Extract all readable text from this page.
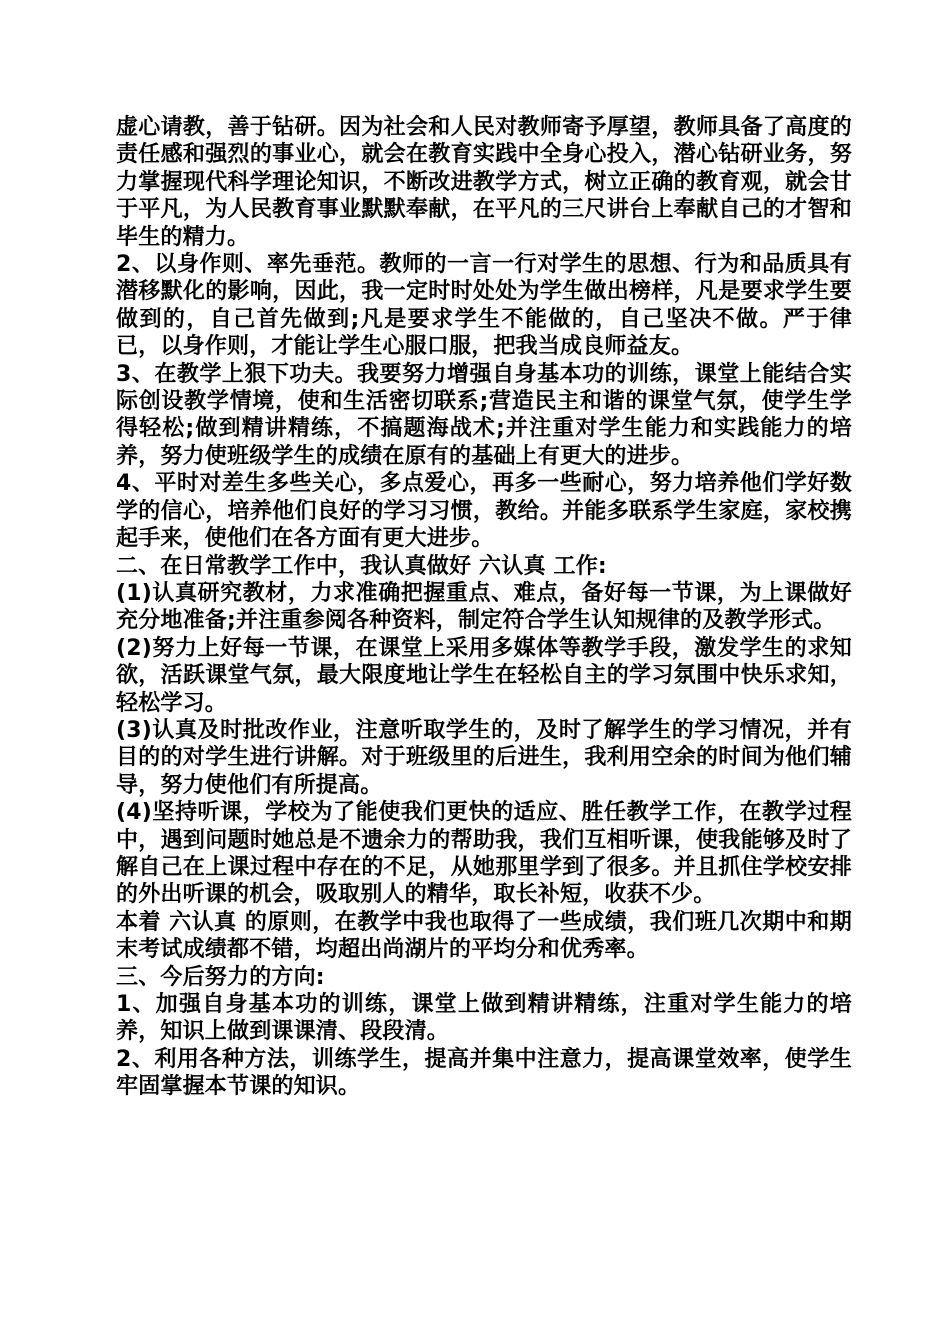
虚心请教，善于钻研。因为社会和人民对教师寄予厚望，教师具备了高度的责任感和强烈的事业心，就会在教育实践中全身心投入，潜心钻研业务，努力掌握现代科学理论知识，不断改进教学方式，树立正确的教育观，就会甘于平凡，为人民教育事业默默奉献，在平凡的三尺讲台上奉献自己的才智和毕生的精力。

2、以身作则、率先垂范。教师的一言一行对学生的思想、行为和品质具有潜移默化的影响，因此，我一定时时处处为学生做出榜样，凡是要求学生要做到的，自己首先做到;凡是要求学生不能做的，自己坚决不做。严于律已，以身作则，才能让学生心服口服，把我当成良师益友。

3、在教学上狠下功夫。我要努力增强自身基本功的训练，课堂上能结合实际创设教学情境，使和生活密切联系;营造民主和谐的课堂气氛，使学生学得轻松;做到精讲精练，不搞题海战术;并注重对学生能力和实践能力的培养，努力使班级学生的成绩在原有的基础上有更大的进步。

4、平时对差生多些关心，多点爱心，再多一些耐心，努力培养他们学好数学的信心，培养他们良好的学习习惯，教给。并能多联系学生家庭，家校携起手来，使他们在各方面有更大进步。

二、在日常教学工作中，我认真做好 六认真 工作:

(1)认真研究教材，力求准确把握重点、难点，备好每一节课，为上课做好充分地准备;并注重参阅各种资料，制定符合学生认知规律的及教学形式。

(2)努力上好每一节课，在课堂上采用多媒体等教学手段，激发学生的求知欲，活跃课堂气氛，最大限度地让学生在轻松自主的学习氛围中快乐求知，轻松学习。

(3)认真及时批改作业，注意听取学生的，及时了解学生的学习情况，并有目的的对学生进行讲解。对于班级里的后进生，我利用空余的时间为他们辅导，努力使他们有所提高。

(4)坚持听课，学校为了能使我们更快的适应、胜任教学工作，在教学过程中，遇到问题时她总是不遗余力的帮助我，我们互相听课，使我能够及时了解自己在上课过程中存在的不足，从她那里学到了很多。并且抓住学校安排的外出听课的机会，吸取别人的精华，取长补短，收获不少。

本着 六认真 的原则，在教学中我也取得了一些成绩，我们班几次期中和期末考试成绩都不错，均超出尚湖片的平均分和优秀率。

三、今后努力的方向:

1、加强自身基本功的训练，课堂上做到精讲精练，注重对学生能力的培养，知识上做到课课清、段段清。

2、利用各种方法，训练学生，提高并集中注意力，提高课堂效率，使学生牢固掌握本节课的知识。
